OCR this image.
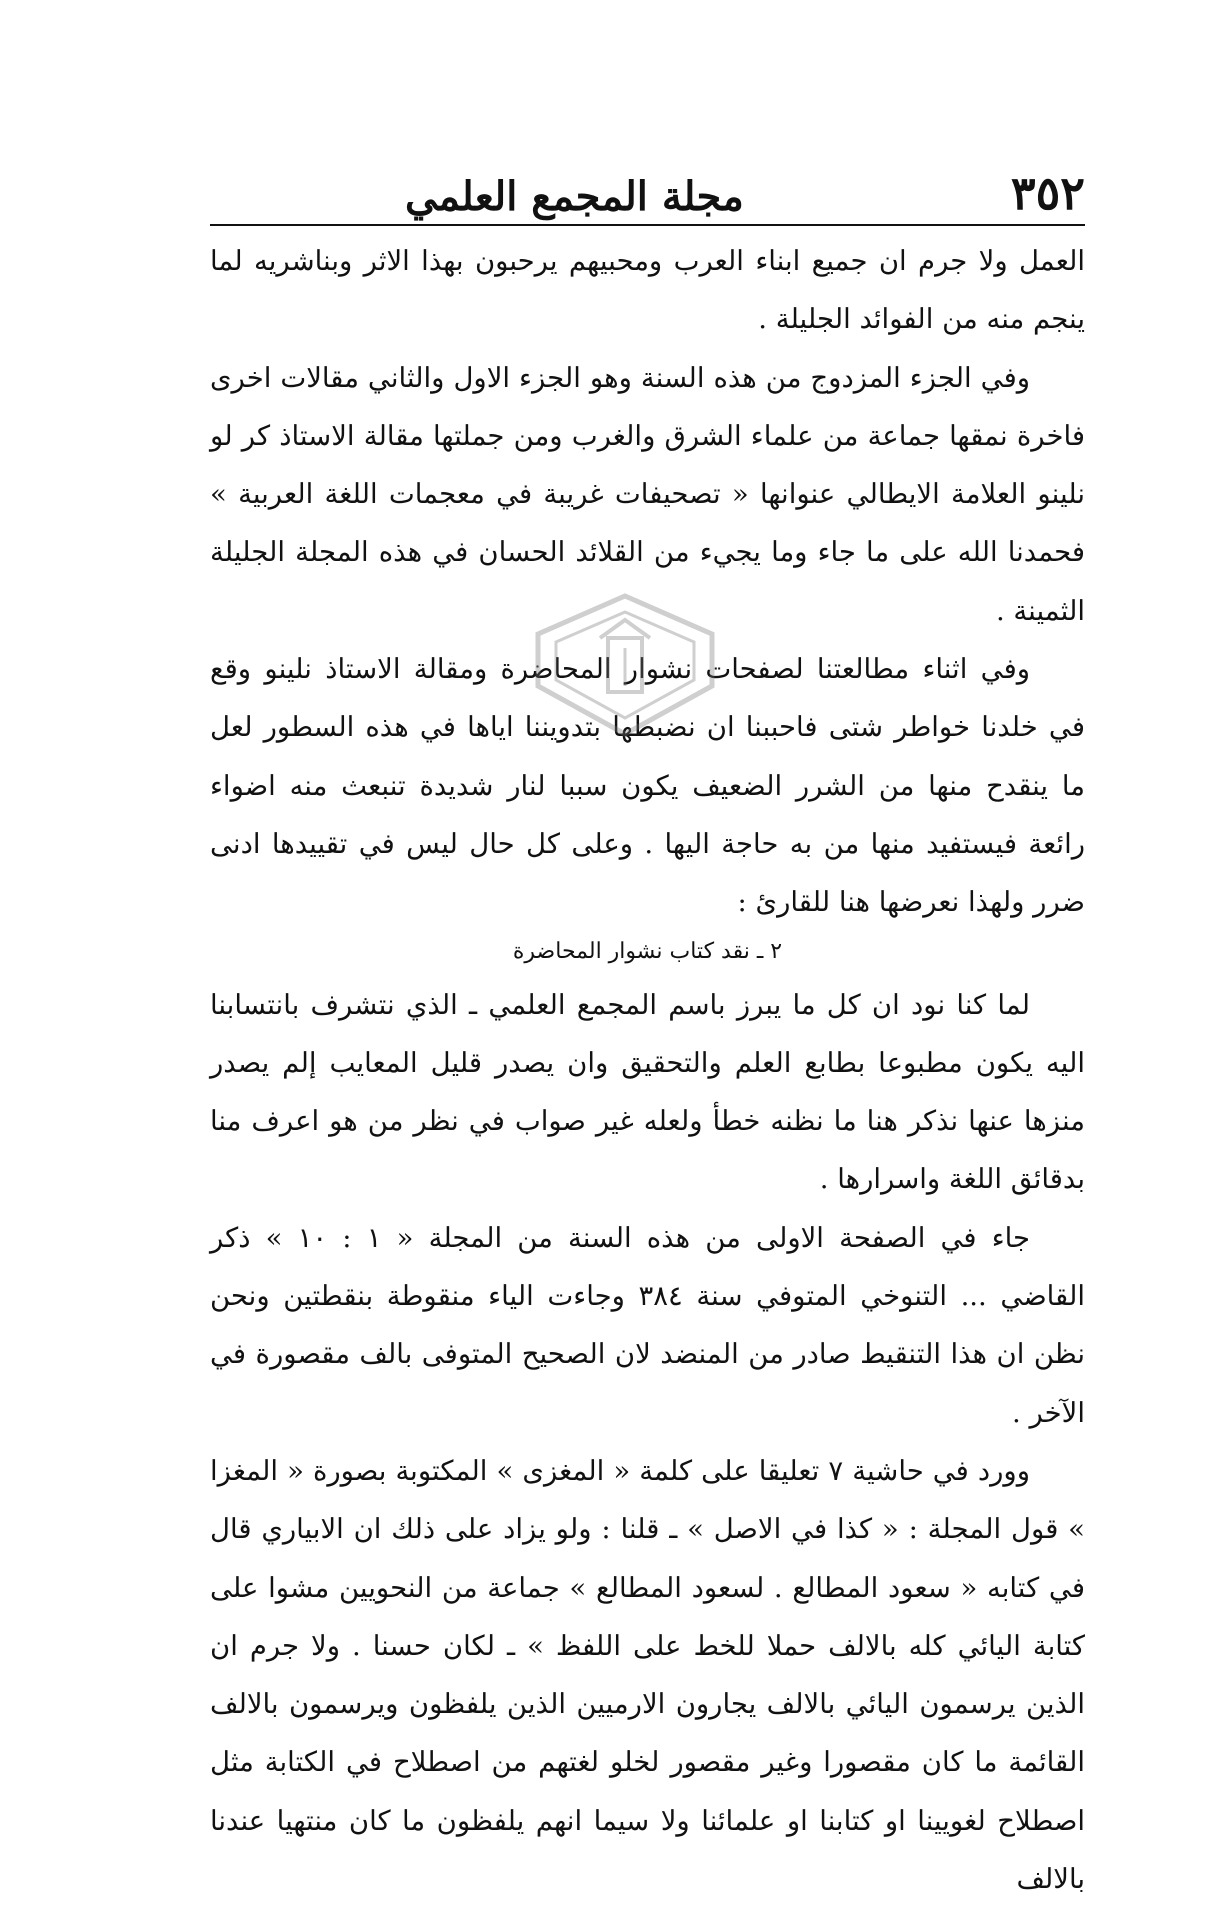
٣٥٢
مجلة المجمع العلمي

العمل ولا جرم ان جميع ابناء العرب ومحبيهم يرحبون بهذا الاثر وبناشريه لما ينجم منه من الفوائد الجليلة .

وفي الجزء المزدوج من هذه السنة وهو الجزء الاول والثاني مقالات اخرى فاخرة نمقها جماعة من علماء الشرق والغرب ومن جملتها مقالة الاستاذ كر لو نلينو العلامة الايطالي عنوانها « تصحيفات غريبة في معجمات اللغة العربية » فحمدنا الله على ما جاء وما يجيء من القلائد الحسان في هذه المجلة الجليلة الثمينة .

وفي اثناء مطالعتنا لصفحات نشوار المحاضرة ومقالة الاستاذ نلينو وقع في خلدنا خواطر شتى فاحببنا ان نضبطها بتدويننا اياها في هذه السطور لعل ما ينقدح منها من الشرر الضعيف يكون سببا لنار شديدة تنبعث منه اضواء رائعة فيستفيد منها من به حاجة اليها . وعلى كل حال ليس في تقييدها ادنى ضرر ولهذا نعرضها هنا للقارئ :

٢ ـ نقد كتاب نشوار المحاضرة

لما كنا نود ان كل ما يبرز باسم المجمع العلمي ـ الذي نتشرف بانتسابنا اليه يكون مطبوعا بطابع العلم والتحقيق وان يصدر قليل المعايب إلم يصدر منزها عنها نذكر هنا ما نظنه خطأ ولعله غير صواب في نظر من هو اعرف منا بدقائق اللغة واسرارها .

جاء في الصفحة الاولى من هذه السنة من المجلة « ١ : ١٠ » ذكر القاضي ... التنوخي المتوفي سنة ٣٨٤ وجاءت الياء منقوطة بنقطتين ونحن نظن ان هذا التنقيط صادر من المنضد لان الصحيح المتوفى بالف مقصورة في الآخر .

وورد في حاشية ٧ تعليقا على كلمة « المغزى » المكتوبة بصورة « المغزا » قول المجلة : « كذا في الاصل » ـ قلنا : ولو يزاد على ذلك ان الابياري قال في كتابه « سعود المطالع . لسعود المطالع » جماعة من النحويين مشوا على كتابة اليائي كله بالالف حملا للخط على اللفظ » ـ لكان حسنا . ولا جرم ان الذين يرسمون اليائي بالالف يجارون الارميين الذين يلفظون ويرسمون بالالف القائمة ما كان مقصورا وغير مقصور لخلو لغتهم من اصطلاح في الكتابة مثل اصطلاح لغويينا او كتابنا او علمائنا ولا سيما انهم يلفظون ما كان منتهيا عندنا بالالف
